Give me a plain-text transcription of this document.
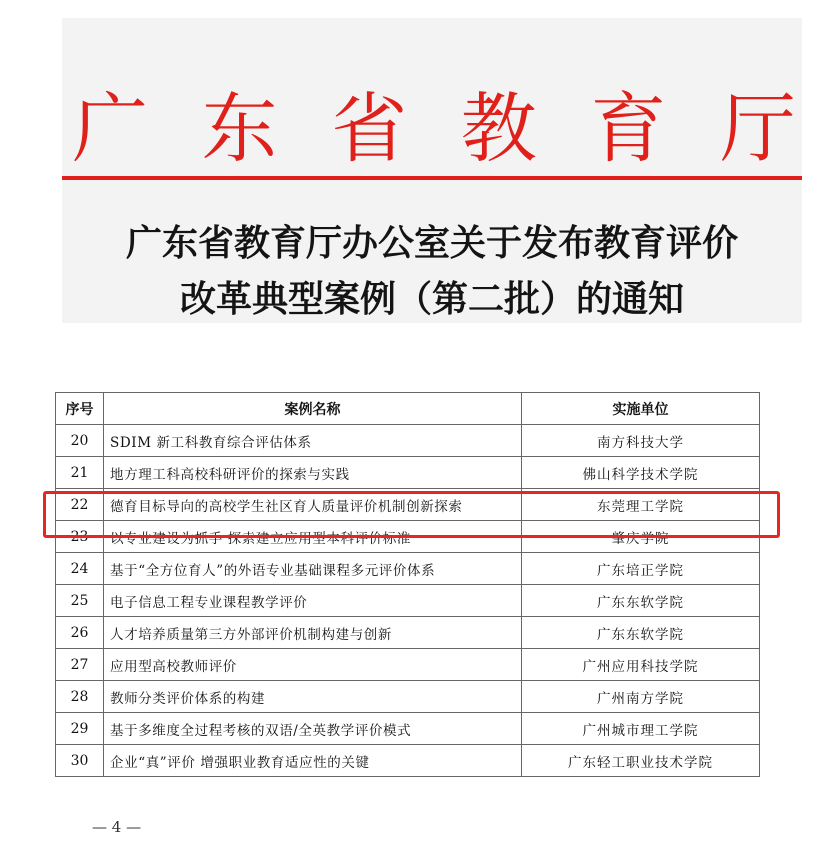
广 东 省 教 育 厅
广东省教育厅办公室关于发布教育评价
改革典型案例（第二批）的通知
序号	案例名称	实施单位
20	SDIM 新工科教育综合评估体系	南方科技大学
21	地方理工科高校科研评价的探索与实践	佛山科学技术学院
22	德育目标导向的高校学生社区育人质量评价机制创新探索	东莞理工学院
23	以专业建设为抓手 探索建立应用型本科评价标准	肇庆学院
24	基于“全方位育人”的外语专业基础课程多元评价体系	广东培正学院
25	电子信息工程专业课程教学评价	广东东软学院
26	人才培养质量第三方外部评价机制构建与创新	广东东软学院
27	应用型高校教师评价	广州应用科技学院
28	教师分类评价体系的构建	广州南方学院
29	基于多维度全过程考核的双语/全英教学评价模式	广州城市理工学院
30	企业“真”评价 增强职业教育适应性的关键	广东轻工职业技术学院
— 4 —
